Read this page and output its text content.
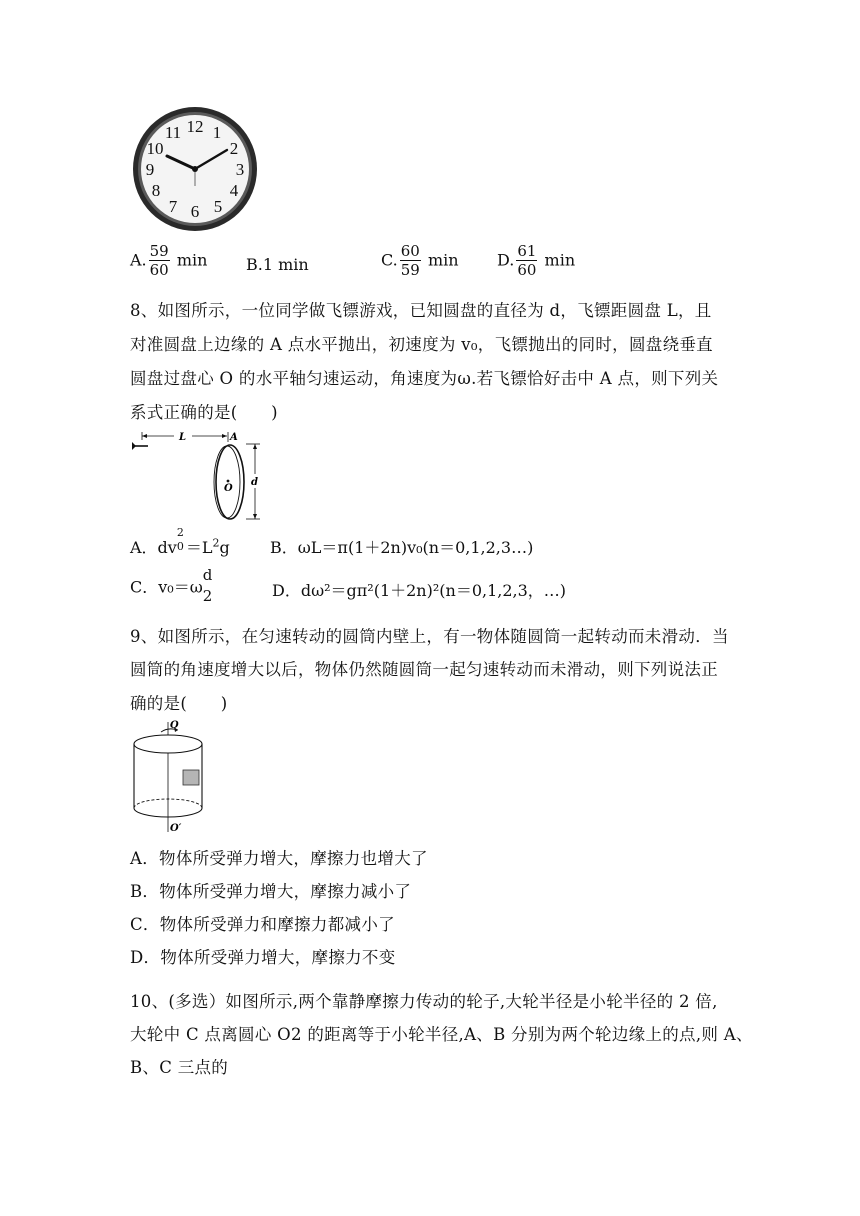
12 1
2
3
4
5
6
7
8
9
10
11
A. $\frac{59}{60}$ min B.1 min	C. $\frac{60}{59}$ min D. $\frac{61}{60}$ min
8、如图所示，一位同学做飞镖游戏，已知圆盘的直径为 d，飞镖距圆盘 L，且
对准圆盘上边缘的 A 点水平抛出，初速度为 v₀，飞镖抛出的同时，圆盘绕垂直
圆盘过盘心 O 的水平轴匀速运动，角速度为ω.若飞镖恰好击中 A 点，则下列关
系式正确的是(　　)
L	A
O
d
A．dv 0
2
$=L^2g$	B．ωL＝π(1＋2n)v₀(n＝0,1,2,3…)
C．v₀＝ω
d
2	D．dω²＝gπ²(1＋2n)²(n＝0,1,2,3，…)
9、如图所示，在匀速转动的圆筒内壁上，有一物体随圆筒一起转动而未滑动．当
圆筒的角速度增大以后，物体仍然随圆筒一起匀速转动而未滑动，则下列说法正
确的是(　　)
O
O′
A．物体所受弹力增大，摩擦力也增大了
B．物体所受弹力增大，摩擦力减小了
C．物体所受弹力和摩擦力都减小了
D．物体所受弹力增大，摩擦力不变
10、(多选）如图所示,两个靠静摩擦力传动的轮子,大轮半径是小轮半径的 2 倍,
大轮中 C 点离圆心 O2 的距离等于小轮半径,A、B 分别为两个轮边缘上的点,则 A、
B、C 三点的
